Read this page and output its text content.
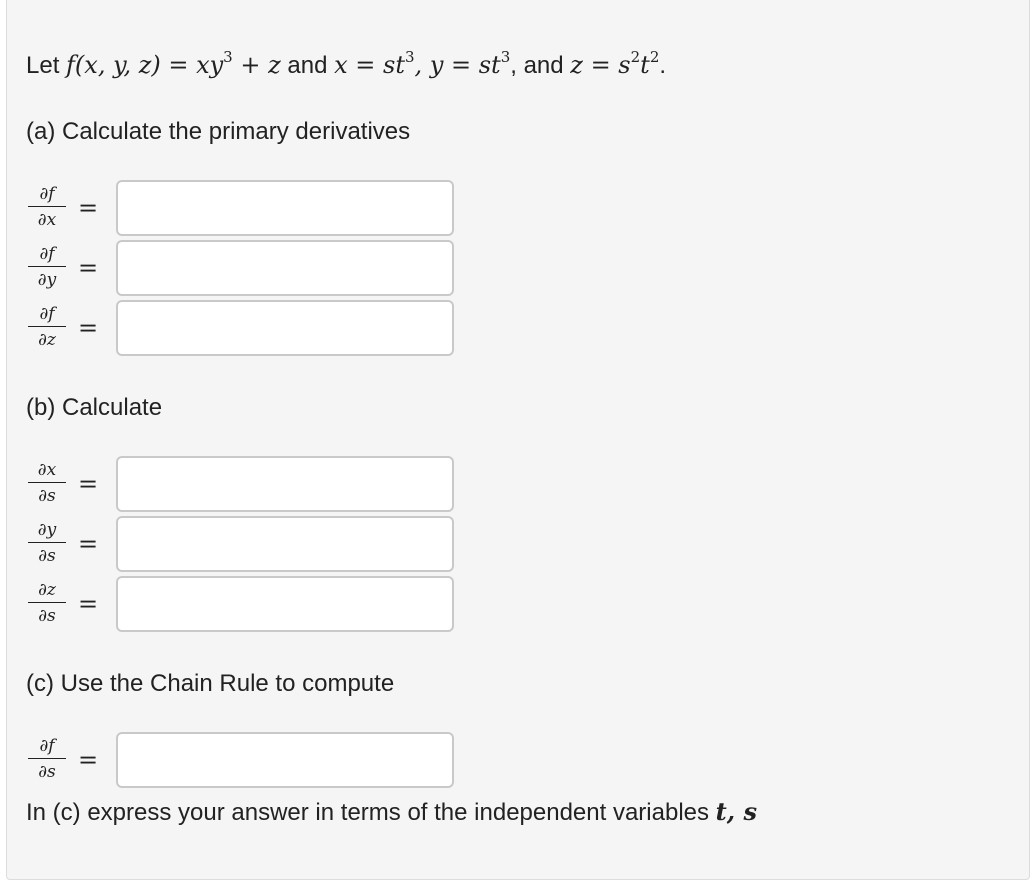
Let f(x, y, $z) = xy^3 + z$ and $x = st^3$, $y = st^3$, and $z = s^2t^2$.
(a) Calculate the primary derivatives
∂f
∂x =
∂f
∂y =
∂f
∂z =
(b) Calculate
∂x
∂s =
∂y
∂s =
∂z
∂s =
(c) Use the Chain Rule to compute
∂f
∂s =
In (c) express your answer in terms of the independent variables t, s
